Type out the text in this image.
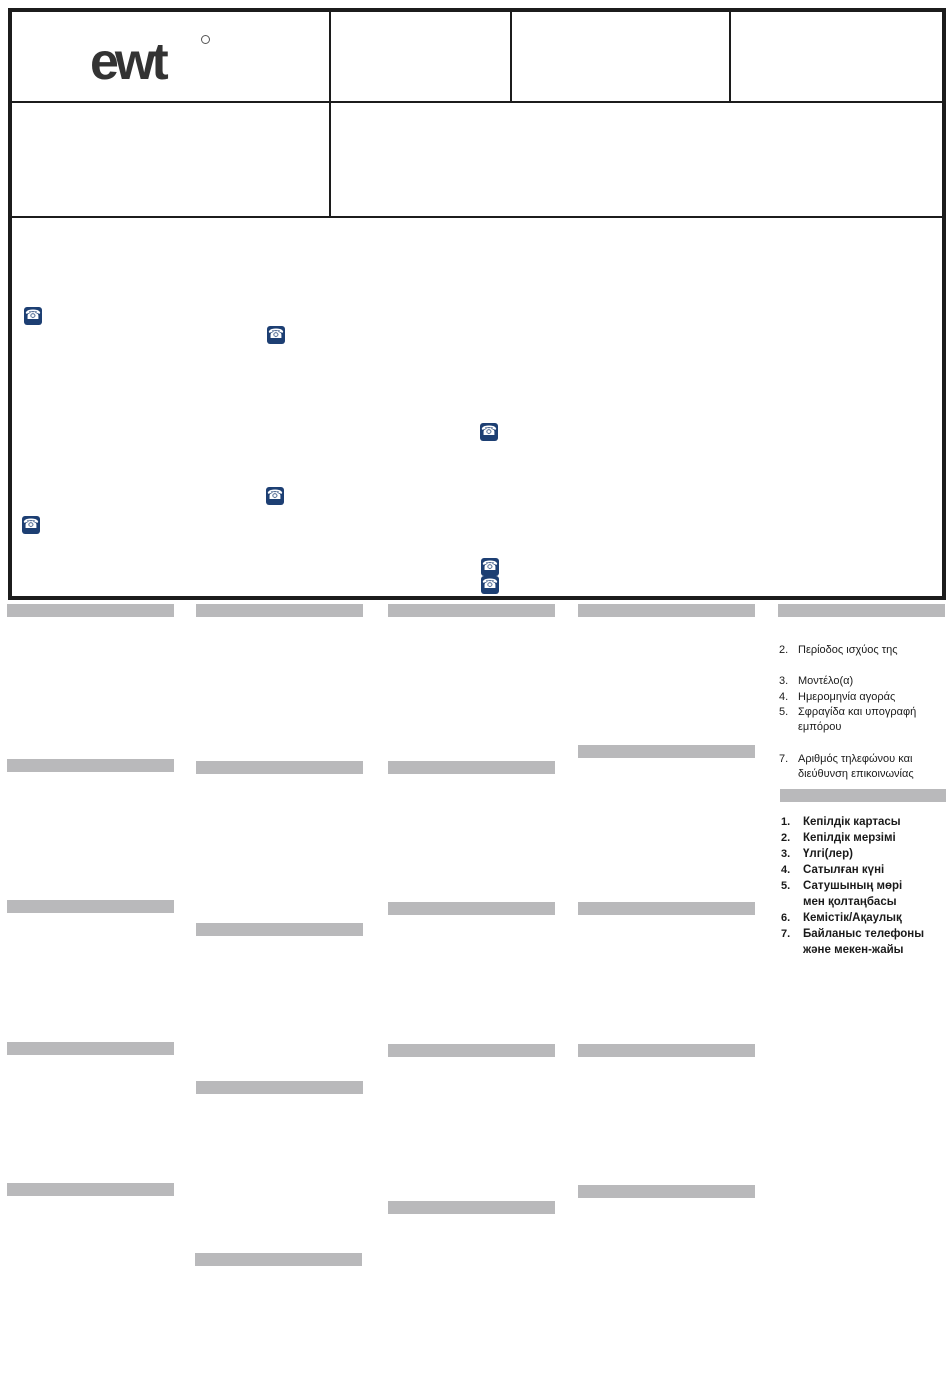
ewt
☎
☎
☎
☎
☎
☎
☎
2. Περίοδος ισχύος της
3. Μοντέλο(α)
4. Ημερομηνία αγοράς
5. Σφραγίδα και υπογραφή
εμπόρου
7. Αριθμός τηλεφώνου και
διεύθυνση επικοινωνίας
1. Кепілдік картасы
2. Кепілдік мерзімі
3. Үлгі(лер)
4. Сатылған күні
5. Сатушының мөрі
мен қолтаңбасы
6. Кемістік/Ақаулық
7. Байланыс телефоны
және мекен-жайы
